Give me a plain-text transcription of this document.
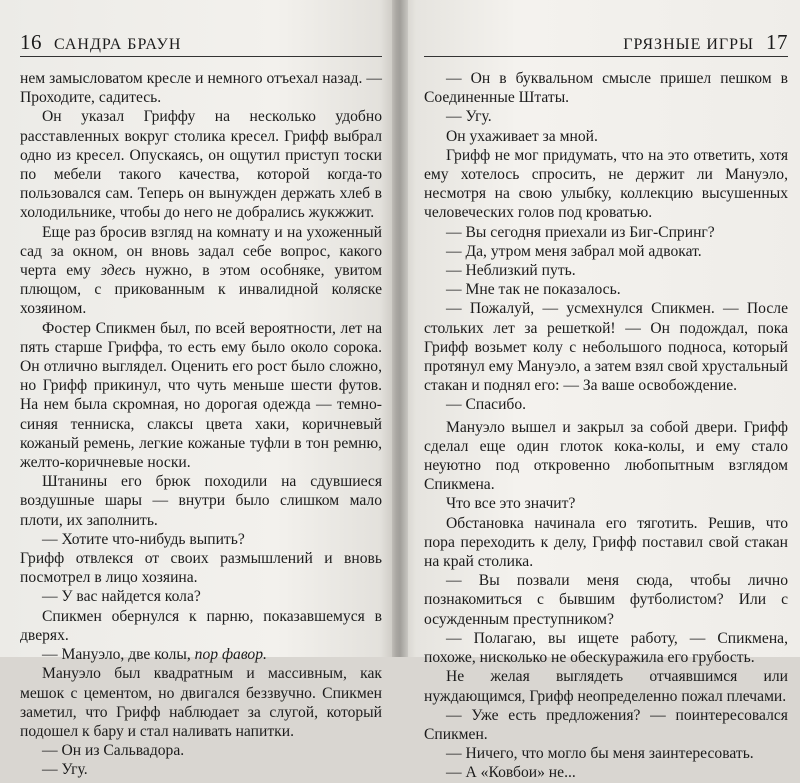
16 САНДРА БРАУН

нем замысловатом кресле и немного отъехал назад. — Проходите, садитесь.

Он указал Гриффу на несколько удобно расставленных вокруг столика кресел. Грифф выбрал одно из кресел. Опускаясь, он ощутил приступ тоски по мебели такого качества, которой когда-то пользовался сам. Теперь он вынужден держать хлеб в холодильнике, чтобы до него не добрались жукжжит.

Еще раз бросив взгляд на комнату и на ухоженный сад за окном, он вновь задал себе вопрос, какого черта ему здесь нужно, в этом особняке, увитом плющом, с прикованным к инвалидной коляске хозяином.

Фостер Спикмен был, по всей вероятности, лет на пять старше Гриффа, то есть ему было около сорока. Он отлично выглядел. Оценить его рост было сложно, но Грифф прикинул, что чуть меньше шести футов. На нем была скромная, но дорогая одежда — темно-синяя тенниска, слаксы цвета хаки, коричневый кожаный ремень, легкие кожаные туфли в тон ремню, желто-коричневые носки.

Штанины его брюк походили на сдувшиеся воздушные шары — внутри было слишком мало плоти, их заполнить.

— Хотите что-нибудь выпить?

Грифф отвлекся от своих размышлений и вновь посмотрел в лицо хозяина.

— У вас найдется кола?

Спикмен обернулся к парню, показавшемуся в дверях.

— Мануэло, две колы, пор фавор.

Мануэло был квадратным и массивным, как мешок с цементом, но двигался беззвучно. Спикмен заметил, что Грифф наблюдает за слугой, который подошел к бару и стал наливать напитки.

— Он из Сальвадора.

— Угу.

ГРЯЗНЫЕ ИГРЫ 17

— Он в буквальном смысле пришел пешком в Соединенные Штаты.

— Угу.

Он ухаживает за мной.

Грифф не мог придумать, что на это ответить, хотя ему хотелось спросить, не держит ли Мануэло, несмотря на свою улыбку, коллекцию высушенных человеческих голов под кроватью.

— Вы сегодня приехали из Биг-Спринг?

— Да, утром меня забрал мой адвокат.

— Неблизкий путь.

— Мне так не показалось.

— Пожалуй, — усмехнулся Спикмен. — После стольких лет за решеткой! — Он подождал, пока Грифф возьмет колу с небольшого подноса, который протянул ему Мануэло, а затем взял свой хрустальный стакан и поднял его: — За ваше освобождение.

— Спасибо.

Мануэло вышел и закрыл за собой двери. Грифф сделал еще один глоток кока-колы, и ему стало неуютно под откровенно любопытным взглядом Спикмена.

Что все это значит?

Обстановка начинала его тяготить. Решив, что пора переходить к делу, Грифф поставил свой стакан на край столика.

— Вы позвали меня сюда, чтобы лично познакомиться с бывшим футболистом? Или с осужденным преступником?

— Полагаю, вы ищете работу, — Спикмена, похоже, нисколько не обескуражила его грубость.

Не желая выглядеть отчаявшимся или нуждающимся, Грифф неопределенно пожал плечами.

— Уже есть предложения? — поинтересовался Спикмен.

— Ничего, что могло бы меня заинтересовать.

— А «Ковбои» не...
